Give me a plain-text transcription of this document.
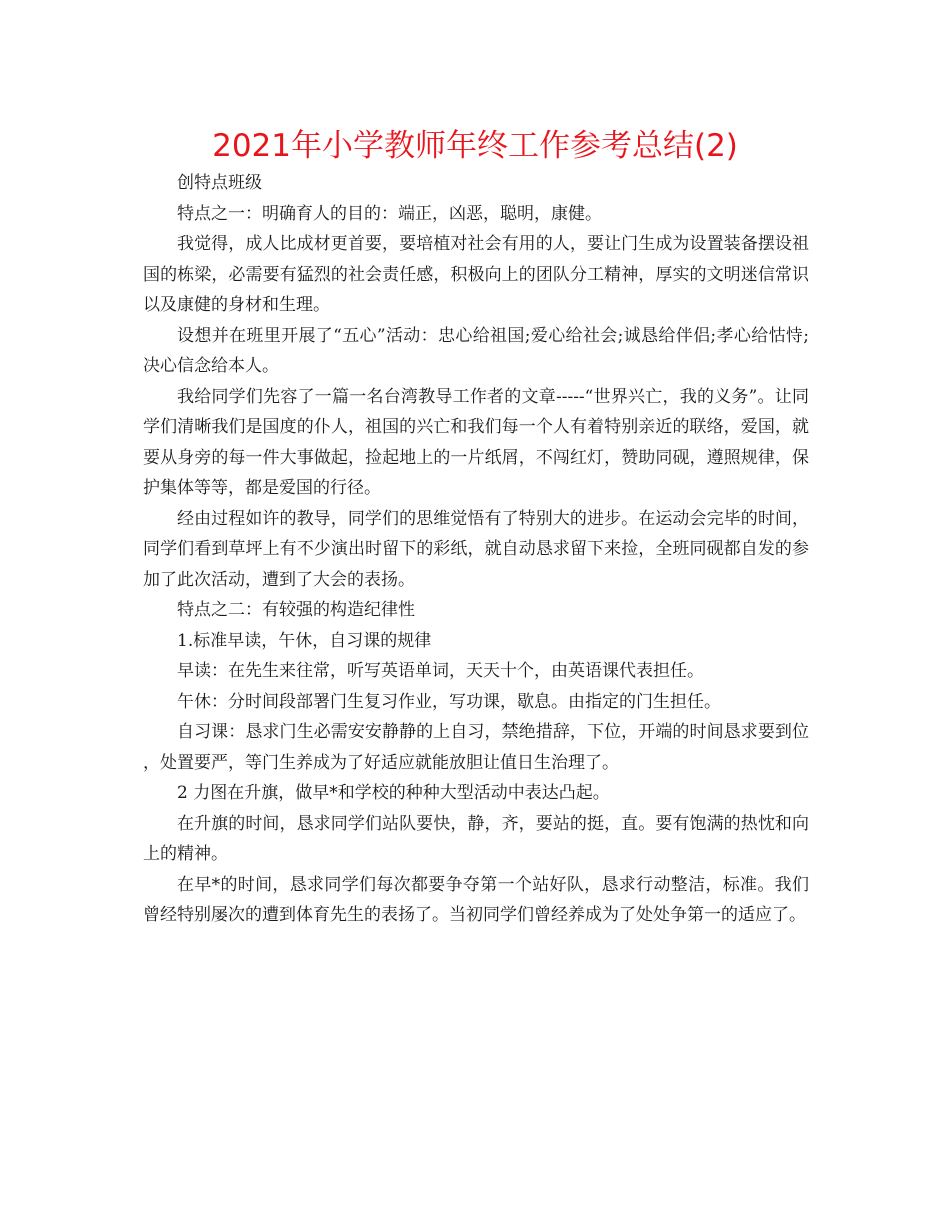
2021年小学教师年终工作参考总结(2)

创特点班级

特点之一：明确育人的目的：端正，凶恶，聪明，康健。

我觉得，成人比成材更首要，要培植对社会有用的人，要让门生成为设置装备摆设祖国的栋梁，必需要有猛烈的社会责任感，积极向上的团队分工精神，厚实的文明迷信常识以及康健的身材和生理。

设想并在班里开展了“五心”活动：忠心给祖国;爱心给社会;诚恳给伴侣;孝心给怙恃;决心信念给本人。

我给同学们先容了一篇一名台湾教导工作者的文章-----“世界兴亡，我的义务”。让同学们清晰我们是国度的仆人，祖国的兴亡和我们每一个人有着特别亲近的联络，爱国，就要从身旁的每一件大事做起，捡起地上的一片纸屑，不闯红灯，赞助同砚，遵照规律，保护集体等等，都是爱国的行径。

经由过程如许的教导，同学们的思维觉悟有了特别大的进步。在运动会完毕的时间，同学们看到草坪上有不少演出时留下的彩纸，就自动恳求留下来捡，全班同砚都自发的参加了此次活动，遭到了大会的表扬。

特点之二：有较强的构造纪律性

1.标准早读，午休，自习课的规律

早读：在先生来往常，听写英语单词，天天十个，由英语课代表担任。

午休：分时间段部署门生复习作业，写功课，歇息。由指定的门生担任。

自习课：恳求门生必需安安静静的上自习，禁绝措辞，下位，开端的时间恳求要到位，处置要严，等门生养成为了好适应就能放胆让值日生治理了。

2 力图在升旗，做早*和学校的种种大型活动中表达凸起。

在升旗的时间，恳求同学们站队要快，静，齐，要站的挺，直。要有饱满的热忱和向上的精神。

在早*的时间，恳求同学们每次都要争夺第一个站好队，恳求行动整洁，标准。我们曾经特别屡次的遭到体育先生的表扬了。当初同学们曾经养成为了处处争第一的适应了。
